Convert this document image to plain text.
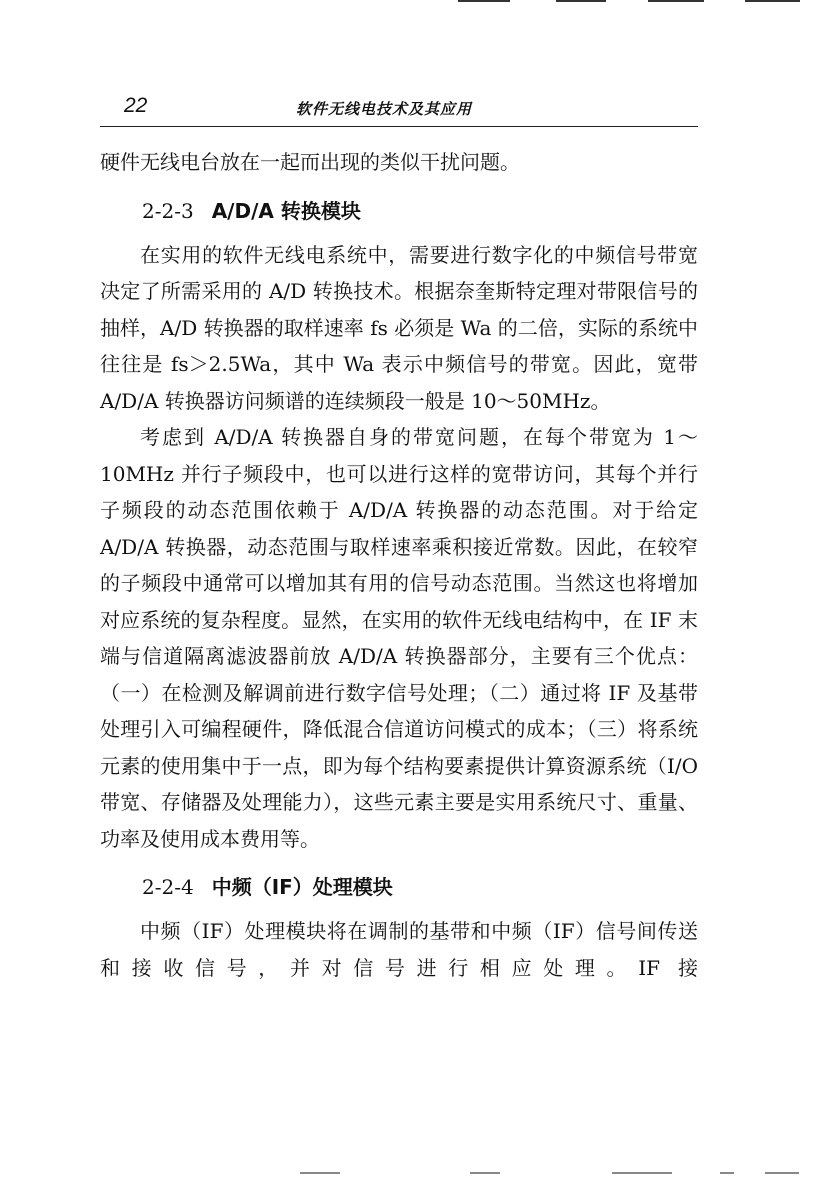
22	软件无线电技术及其应用

硬件无线电台放在一起而出现的类似干扰问题。

2-2-3 A/D/A 转换模块

在实用的软件无线电系统中，需要进行数字化的中频信号带宽决定了所需采用的 A/D 转换技术。根据奈奎斯特定理对带限信号的抽样，A/D 转换器的取样速率 fs 必须是 Wa 的二倍，实际的系统中往往是 fs＞2.5Wa，其中 Wa 表示中频信号的带宽。因此，宽带 A/D/A 转换器访问频谱的连续频段一般是 10～50MHz。

考虑到 A/D/A 转换器自身的带宽问题，在每个带宽为 1～10MHz 并行子频段中，也可以进行这样的宽带访问，其每个并行子频段的动态范围依赖于 A/D/A 转换器的动态范围。对于给定 A/D/A 转换器，动态范围与取样速率乘积接近常数。因此，在较窄的子频段中通常可以增加其有用的信号动态范围。当然这也将增加对应系统的复杂程度。显然，在实用的软件无线电结构中，在 IF 末端与信道隔离滤波器前放 A/D/A 转换器部分，主要有三个优点：（一）在检测及解调前进行数字信号处理；（二）通过将 IF 及基带处理引入可编程硬件，降低混合信道访问模式的成本；（三）将系统元素的使用集中于一点，即为每个结构要素提供计算资源系统（I/O 带宽、存储器及处理能力），这些元素主要是实用系统尺寸、重量、功率及使用成本费用等。

2-2-4 中频（IF）处理模块

中频（IF）处理模块将在调制的基带和中频（IF）信号间传送和接收信号，并对信号进行相应处理。IF 接
